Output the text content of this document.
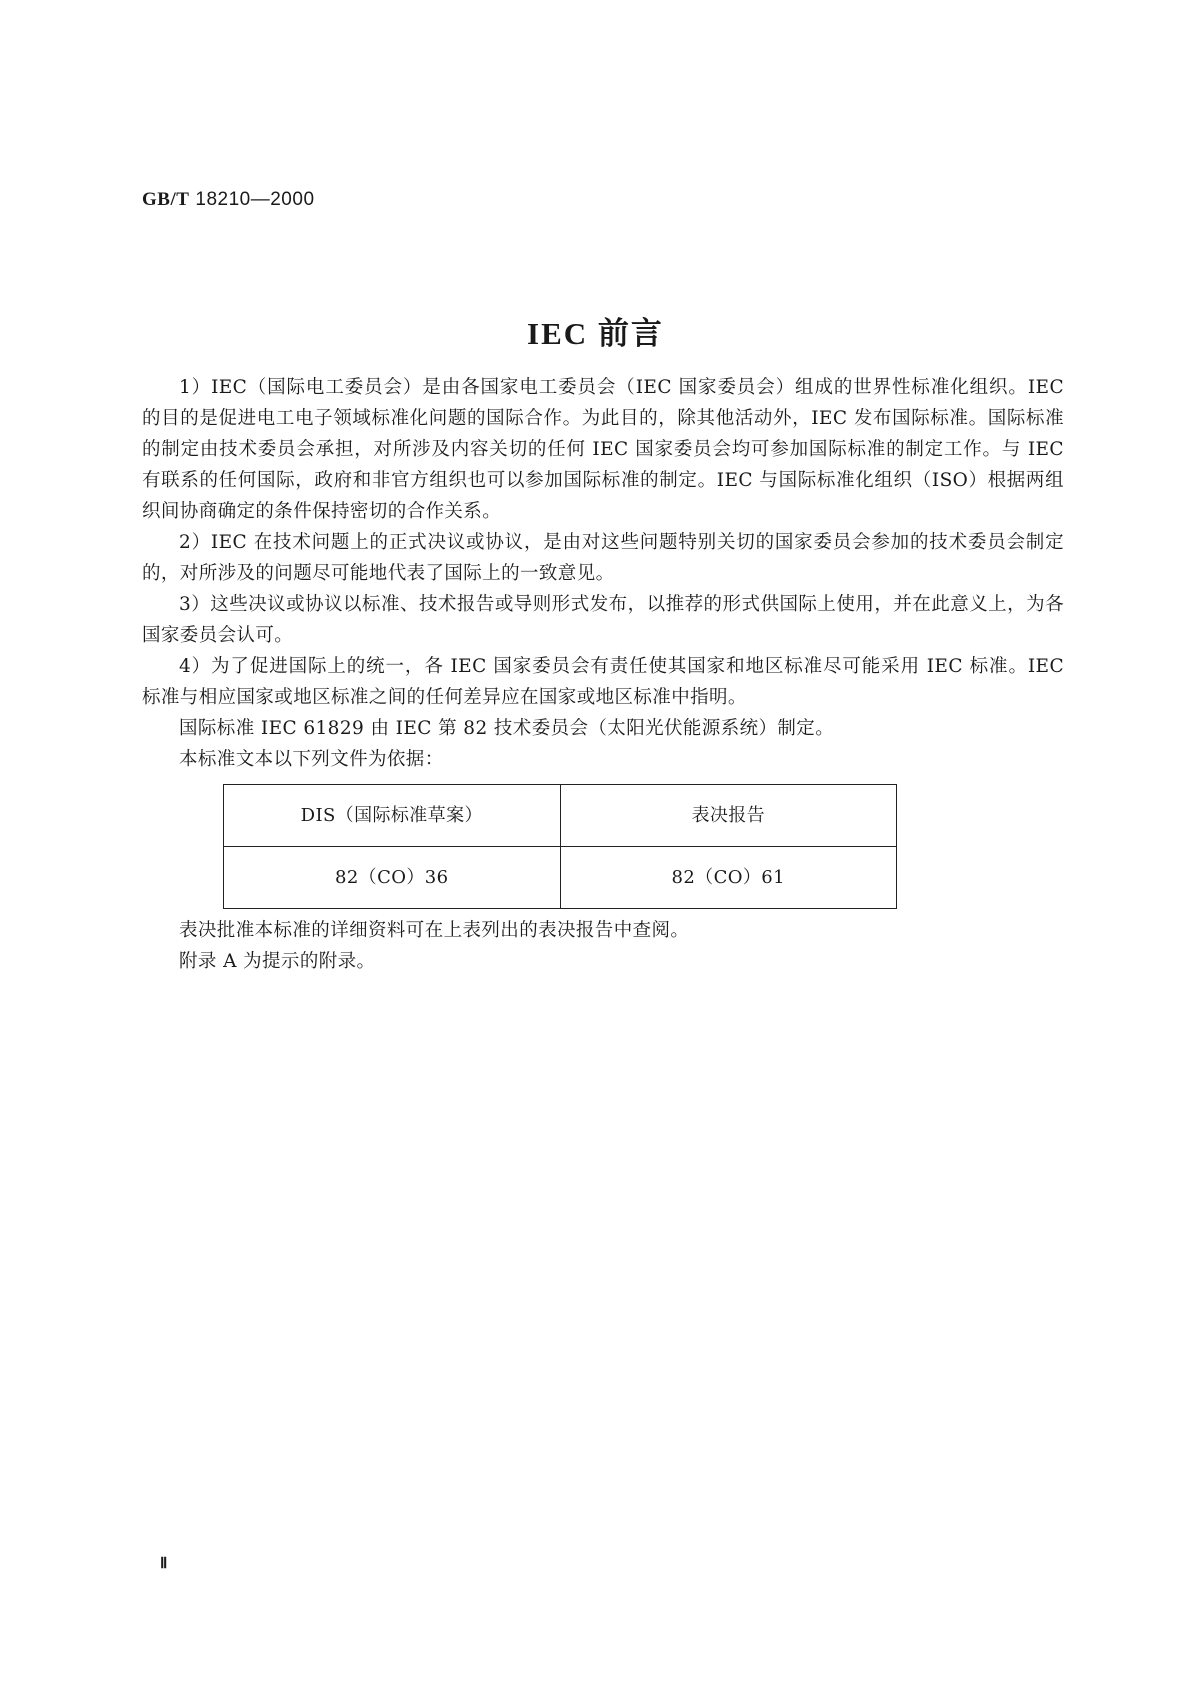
GB/T 18210—2000
IEC 前言

1）IEC（国际电工委员会）是由各国家电工委员会（IEC 国家委员会）组成的世界性标准化组织。IEC 的目的是促进电工电子领域标准化问题的国际合作。为此目的，除其他活动外，IEC 发布国际标准。国际标准的制定由技术委员会承担，对所涉及内容关切的任何 IEC 国家委员会均可参加国际标准的制定工作。与 IEC 有联系的任何国际，政府和非官方组织也可以参加国际标准的制定。IEC 与国际标准化组织（ISO）根据两组织间协商确定的条件保持密切的合作关系。

2）IEC 在技术问题上的正式决议或协议，是由对这些问题特别关切的国家委员会参加的技术委员会制定的，对所涉及的问题尽可能地代表了国际上的一致意见。

3）这些决议或协议以标准、技术报告或导则形式发布，以推荐的形式供国际上使用，并在此意义上，为各国家委员会认可。

4）为了促进国际上的统一，各 IEC 国家委员会有责任使其国家和地区标准尽可能采用 IEC 标准。IEC 标准与相应国家或地区标准之间的任何差异应在国家或地区标准中指明。

国际标准 IEC 61829 由 IEC 第 82 技术委员会（太阳光伏能源系统）制定。

本标准文本以下列文件为依据：

DIS（国际标准草案）	表决报告
82（CO）36	82（CO）61

表决批准本标准的详细资料可在上表列出的表决报告中查阅。

附录 A 为提示的附录。

Ⅱ
